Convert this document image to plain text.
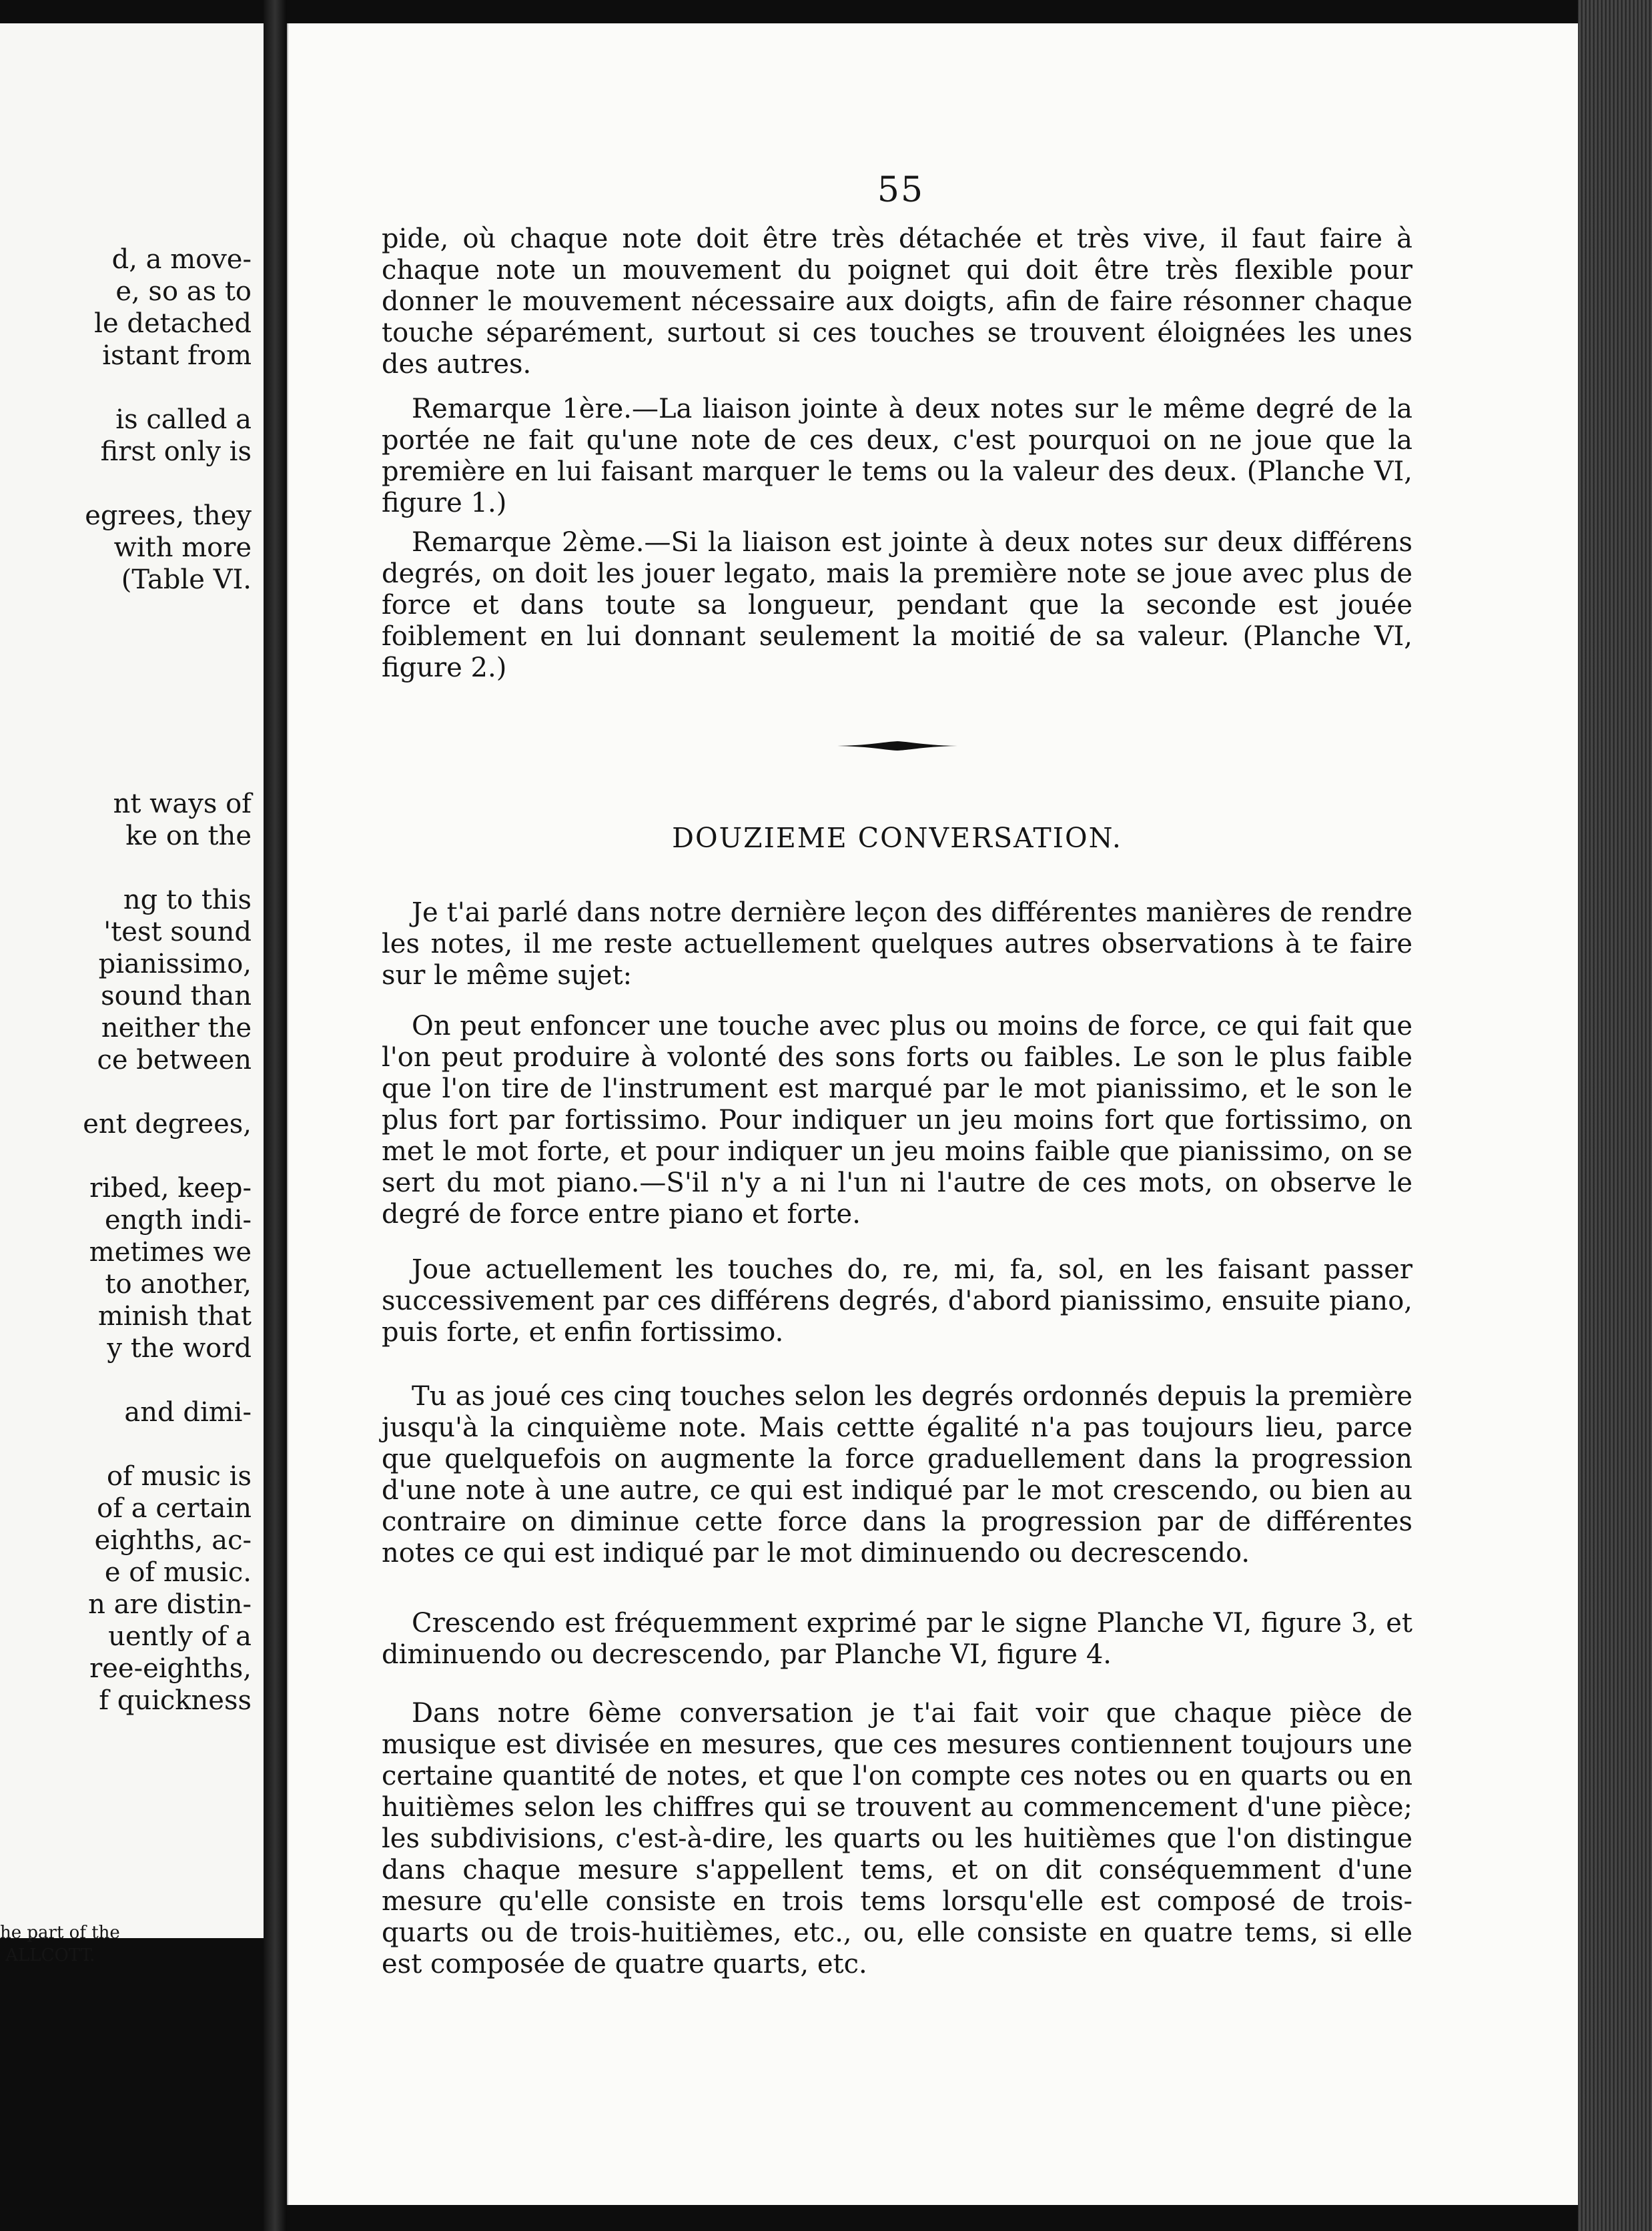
d, a move-
e, so as to
le detached
istant from

is called a
first only is

egrees, they
with more
(Table VI.

nt ways of
ke on the

ng to this
'test sound
pianissimo,
sound than
neither the
ce between

ent degrees,

ribed, keep-
ength indi-
metimes we
to another,
minish that
y the word

and dimi-

of music is
of a certain
eighths, ac-
e of music.
n are distin-
uently of a
ree-eighths,
f quickness
he part of the
ALLCOTT.
55

pide, où chaque note doit être très détachée et très vive, il faut faire à chaque note un mouvement du poignet qui doit être très flexible pour donner le mouvement nécessaire aux doigts, afin de faire résonner chaque touche séparément, surtout si ces touches se trouvent éloignées les unes des autres.

Remarque 1ère.—La liaison jointe à deux notes sur le même degré de la portée ne fait qu'une note de ces deux, c'est pourquoi on ne joue que la première en lui faisant marquer le tems ou la valeur des deux. (Planche VI, figure 1.)

Remarque 2ème.—Si la liaison est jointe à deux notes sur deux différens degrés, on doit les jouer legato, mais la première note se joue avec plus de force et dans toute sa longueur, pendant que la seconde est jouée foiblement en lui donnant seulement la moitié de sa valeur. (Planche VI, figure 2.)

DOUZIEME CONVERSATION.

Je t'ai parlé dans notre dernière leçon des différentes manières de rendre les notes, il me reste actuellement quelques autres observations à te faire sur le même sujet:

On peut enfoncer une touche avec plus ou moins de force, ce qui fait que l'on peut produire à volonté des sons forts ou faibles. Le son le plus faible que l'on tire de l'instrument est marqué par le mot pianissimo, et le son le plus fort par fortissimo. Pour indiquer un jeu moins fort que fortissimo, on met le mot forte, et pour indiquer un jeu moins faible que pianissimo, on se sert du mot piano.—S'il n'y a ni l'un ni l'autre de ces mots, on observe le degré de force entre piano et forte.

Joue actuellement les touches do, re, mi, fa, sol, en les faisant passer successivement par ces différens degrés, d'abord pianissimo, ensuite piano, puis forte, et enfin fortissimo.

Tu as joué ces cinq touches selon les degrés ordonnés depuis la première jusqu'à la cinquième note. Mais cettte égalité n'a pas toujours lieu, parce que quelquefois on augmente la force graduellement dans la progression d'une note à une autre, ce qui est indiqué par le mot crescendo, ou bien au contraire on diminue cette force dans la progression par de différentes notes ce qui est indiqué par le mot diminuendo ou decrescendo.

Crescendo est fréquemment exprimé par le signe Planche VI, figure 3, et diminuendo ou decrescendo, par Planche VI, figure 4.

Dans notre 6ème conversation je t'ai fait voir que chaque pièce de musique est divisée en mesures, que ces mesures contiennent toujours une certaine quantité de notes, et que l'on compte ces notes ou en quarts ou en huitièmes selon les chiffres qui se trouvent au commencement d'une pièce; les subdivisions, c'est-à-dire, les quarts ou les huitièmes que l'on distingue dans chaque mesure s'appellent tems, et on dit conséquemment d'une mesure qu'elle consiste en trois tems lorsqu'elle est composé de trois-quarts ou de trois-huitièmes, etc., ou, elle consiste en quatre tems, si elle est composée de quatre quarts, etc.
